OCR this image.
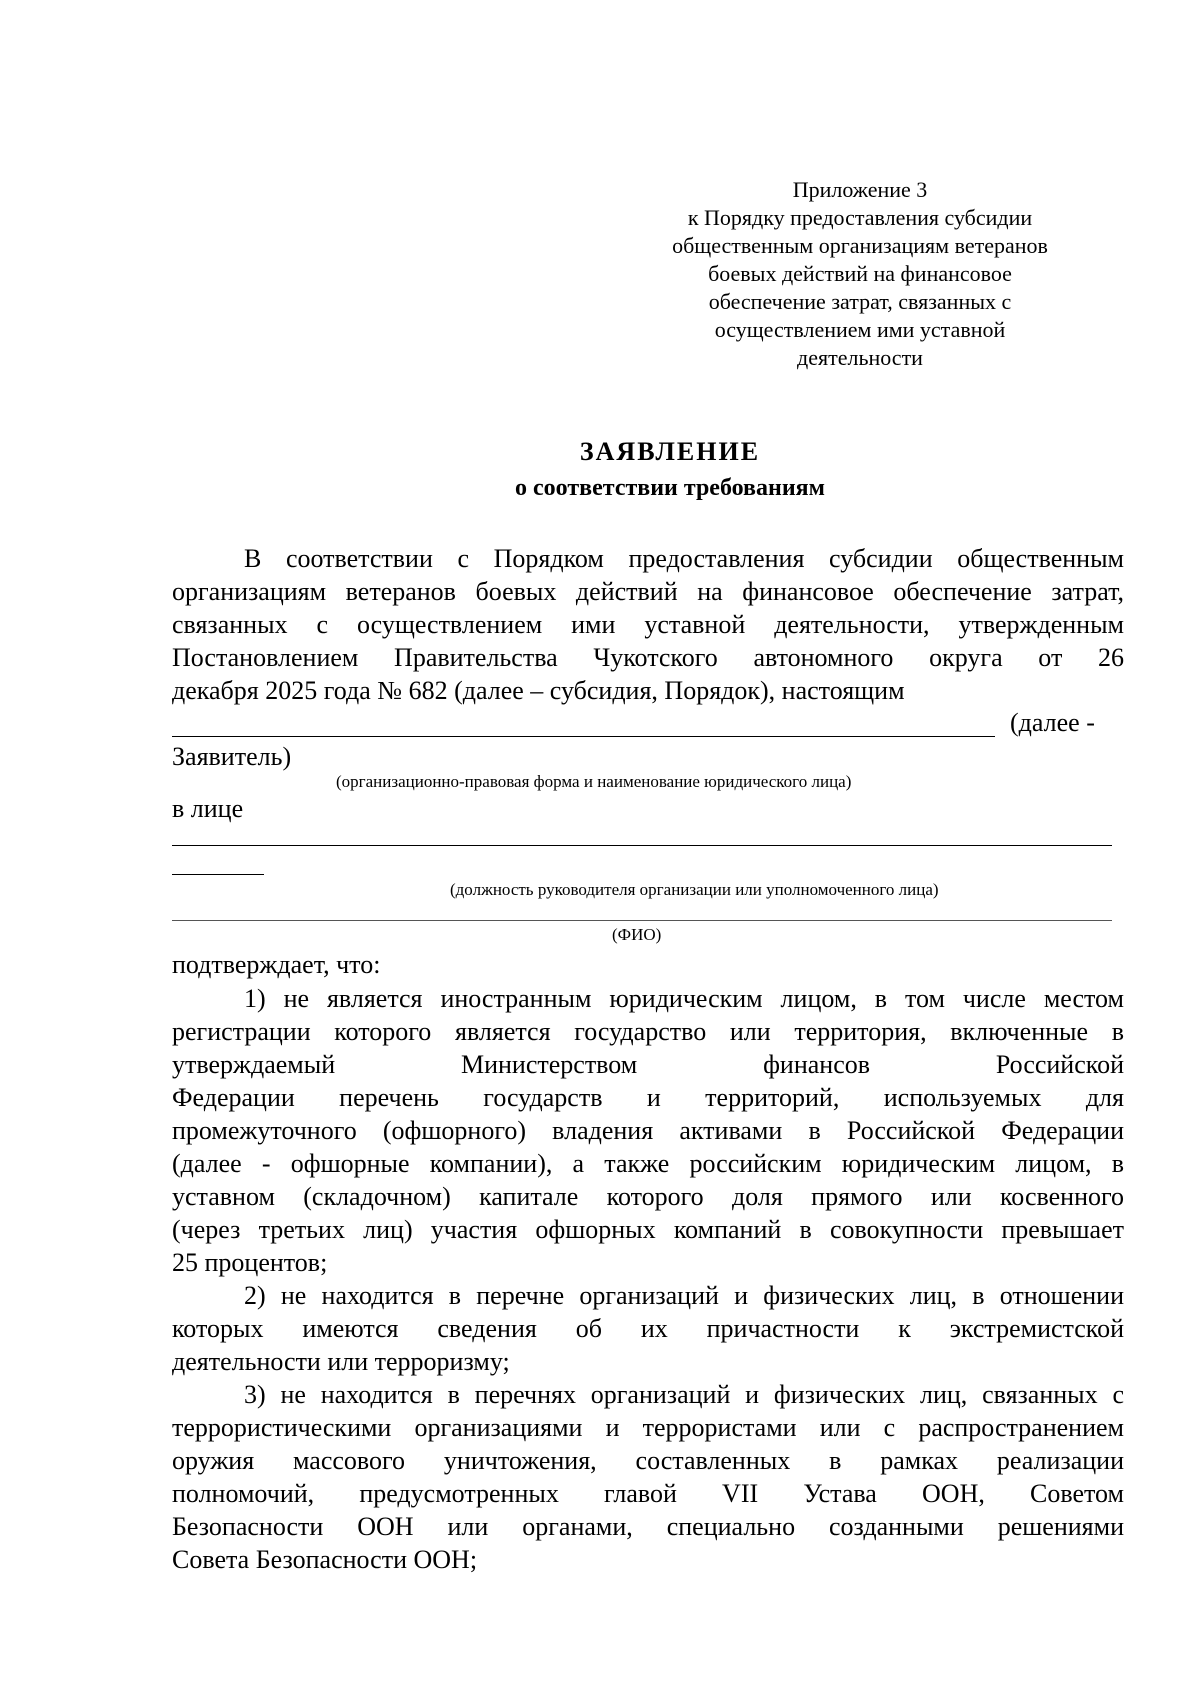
Приложение 3
к Порядку предоставления субсидии
общественным организациям ветеранов
боевых действий на финансовое
обеспечение затрат, связанных с
осуществлением ими уставной
деятельности
ЗАЯВЛЕНИЕ
о соответствии требованиям
В соответствии с Порядком предоставления субсидии общественным
организациям ветеранов боевых действий на финансовое обеспечение затрат,
связанных с осуществлением ими уставной деятельности, утвержденным
Постановлением Правительства Чукотского автономного округа от 26
декабря 2025 года № 682 (далее – субсидия, Порядок), настоящим
(далее -
Заявитель)
(организационно-правовая форма и наименование юридического лица)
в лице
(должность руководителя организации или уполномоченного лица)
(ФИО)
подтверждает, что:
1) не является иностранным юридическим лицом, в том числе местом
регистрации которого является государство или территория, включенные в
утверждаемый Министерством финансов Российской
Федерации перечень государств и территорий, используемых для
промежуточного (офшорного) владения активами в Российской Федерации
(далее - офшорные компании), а также российским юридическим лицом, в
уставном (складочном) капитале которого доля прямого или косвенного
(через третьих лиц) участия офшорных компаний в совокупности превышает
25 процентов;
2) не находится в перечне организаций и физических лиц, в отношении
которых имеются сведения об их причастности к экстремистской
деятельности или терроризму;
3) не находится в перечнях организаций и физических лиц, связанных с
террористическими организациями и террористами или с распространением
оружия массового уничтожения, составленных в рамках реализации
полномочий, предусмотренных главой VII Устава ООН, Советом
Безопасности ООН или органами, специально созданными решениями
Совета Безопасности ООН;
